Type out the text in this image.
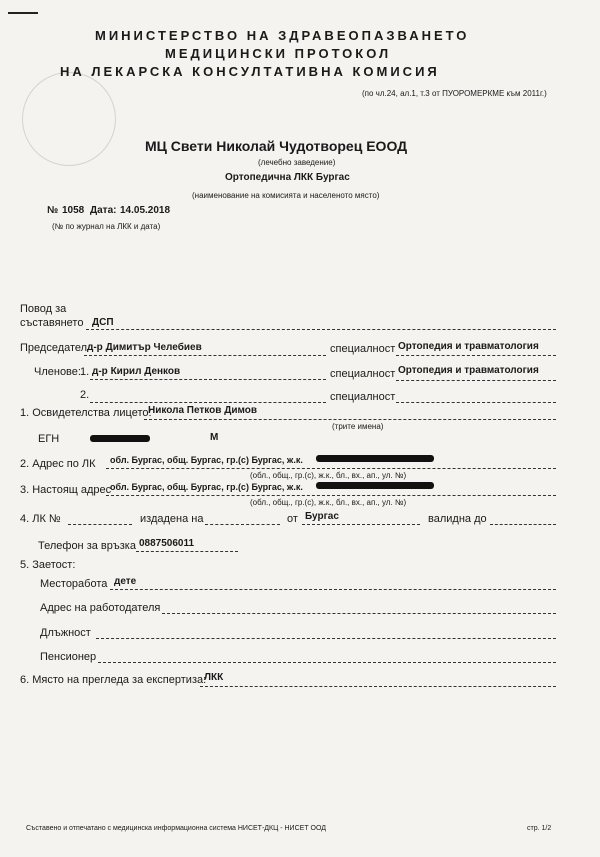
МИНИСТЕРСТВО НА ЗДРАВЕОПАЗВАНЕТО
МЕДИЦИНСКИ ПРОТОКОЛ
НА ЛЕКАРСКА КОНСУЛТАТИВНА КОМИСИЯ
(по чл.24, ал.1, т.3 от ПУОРОМЕРКМЕ към 2011г.)
МЦ Свети Николай Чудотворец ЕООД
(лечебно заведение)
Ортопедична ЛКК Бургас
(наименование на комисията и населеното място)
№ 1058 Дата: 14.05.2018
(№ по журнал на ЛКК и дата)
Повод за
съставянето ДСП
Председател д-р Димитър Челебиев	специалност Ортопедия и травматология
Членове: 1. д-р Кирил Денков	специалност Ортопедия и травматология
2.	специалност
1. Освидетелства лицето:
Никола Петков Димов
(трите имена)
ЕГН	М
2. Адрес по ЛК обл. Бургас, общ. Бургас, гр.(с) Бургас, ж.к.
(обл., общ., гр.(с), ж.к., бл., вх., ап., ул. №)
3. Настоящ адрес
обл. Бургас, общ. Бургас, гр.(с) Бургас, ж.к.
(обл., общ., гр.(с), ж.к., бл., вх., ап., ул. №)
4. ЛК №	издадена на	от Бургас	валидна до
Телефон за връзка 0887506011
5. Заетост:
Месторабота дете
Адрес на работодателя
Длъжност
Пенсионер
6. Място на прегледа за експертиза:
ЛКК
Съставено и отпечатано с медицинска информационна система НИСЕТ-ДКЦ - НИСЕТ ООД	стр. 1/2
